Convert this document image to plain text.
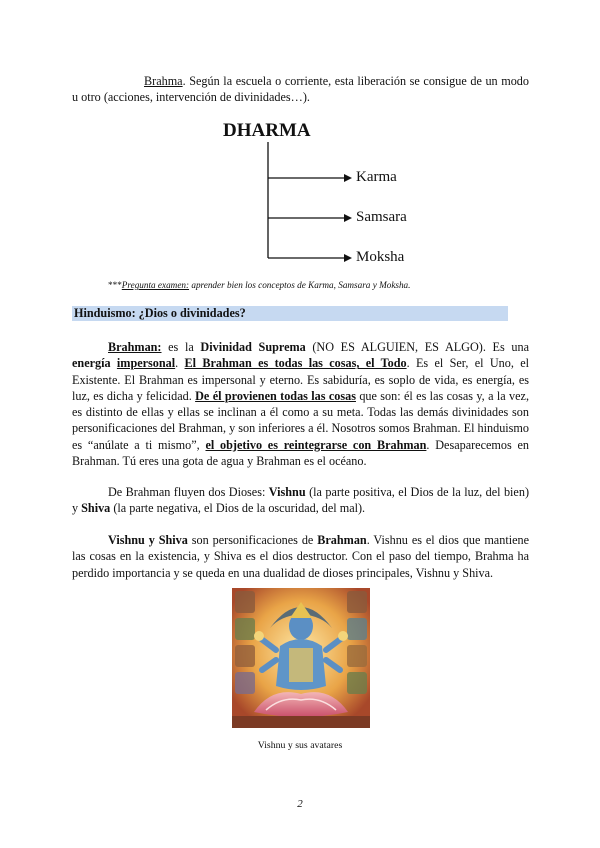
Brahma. Según la escuela o corriente, esta liberación se consigue de un modo u otro (acciones, intervención de divinidades…).
DHARMA
Karma
Samsara
Moksha
***Pregunta examen: aprender bien los conceptos de Karma, Samsara y Moksha.
Hinduismo: ¿Dios o divinidades?
Brahman: es la Divinidad Suprema (NO ES ALGUIEN, ES ALGO). Es una energía impersonal. El Brahman es todas las cosas, el Todo. Es el Ser, el Uno, el Existente. El Brahman es impersonal y eterno. Es sabiduría, es soplo de vida, es energía, es luz, es dicha y felicidad. De él provienen todas las cosas que son: él es las cosas y, a la vez, es distinto de ellas y ellas se inclinan a él como a su meta. Todas las demás divinidades son personificaciones del Brahman, y son inferiores a él. Nosotros somos Brahman. El hinduismo es “anúlate a ti mismo”, el objetivo es reintegrarse con Brahman. Desaparecemos en Brahman. Tú eres una gota de agua y Brahman es el océano.
De Brahman fluyen dos Dioses: Vishnu (la parte positiva, el Dios de la luz, del bien) y Shiva (la parte negativa, el Dios de la oscuridad, del mal).
Vishnu y Shiva son personificaciones de Brahman. Vishnu es el dios que mantiene las cosas en la existencia, y Shiva es el dios destructor. Con el paso del tiempo, Brahma ha perdido importancia y se queda en una dualidad de dioses principales, Vishnu y Shiva.
Vishnu y sus avatares
2
